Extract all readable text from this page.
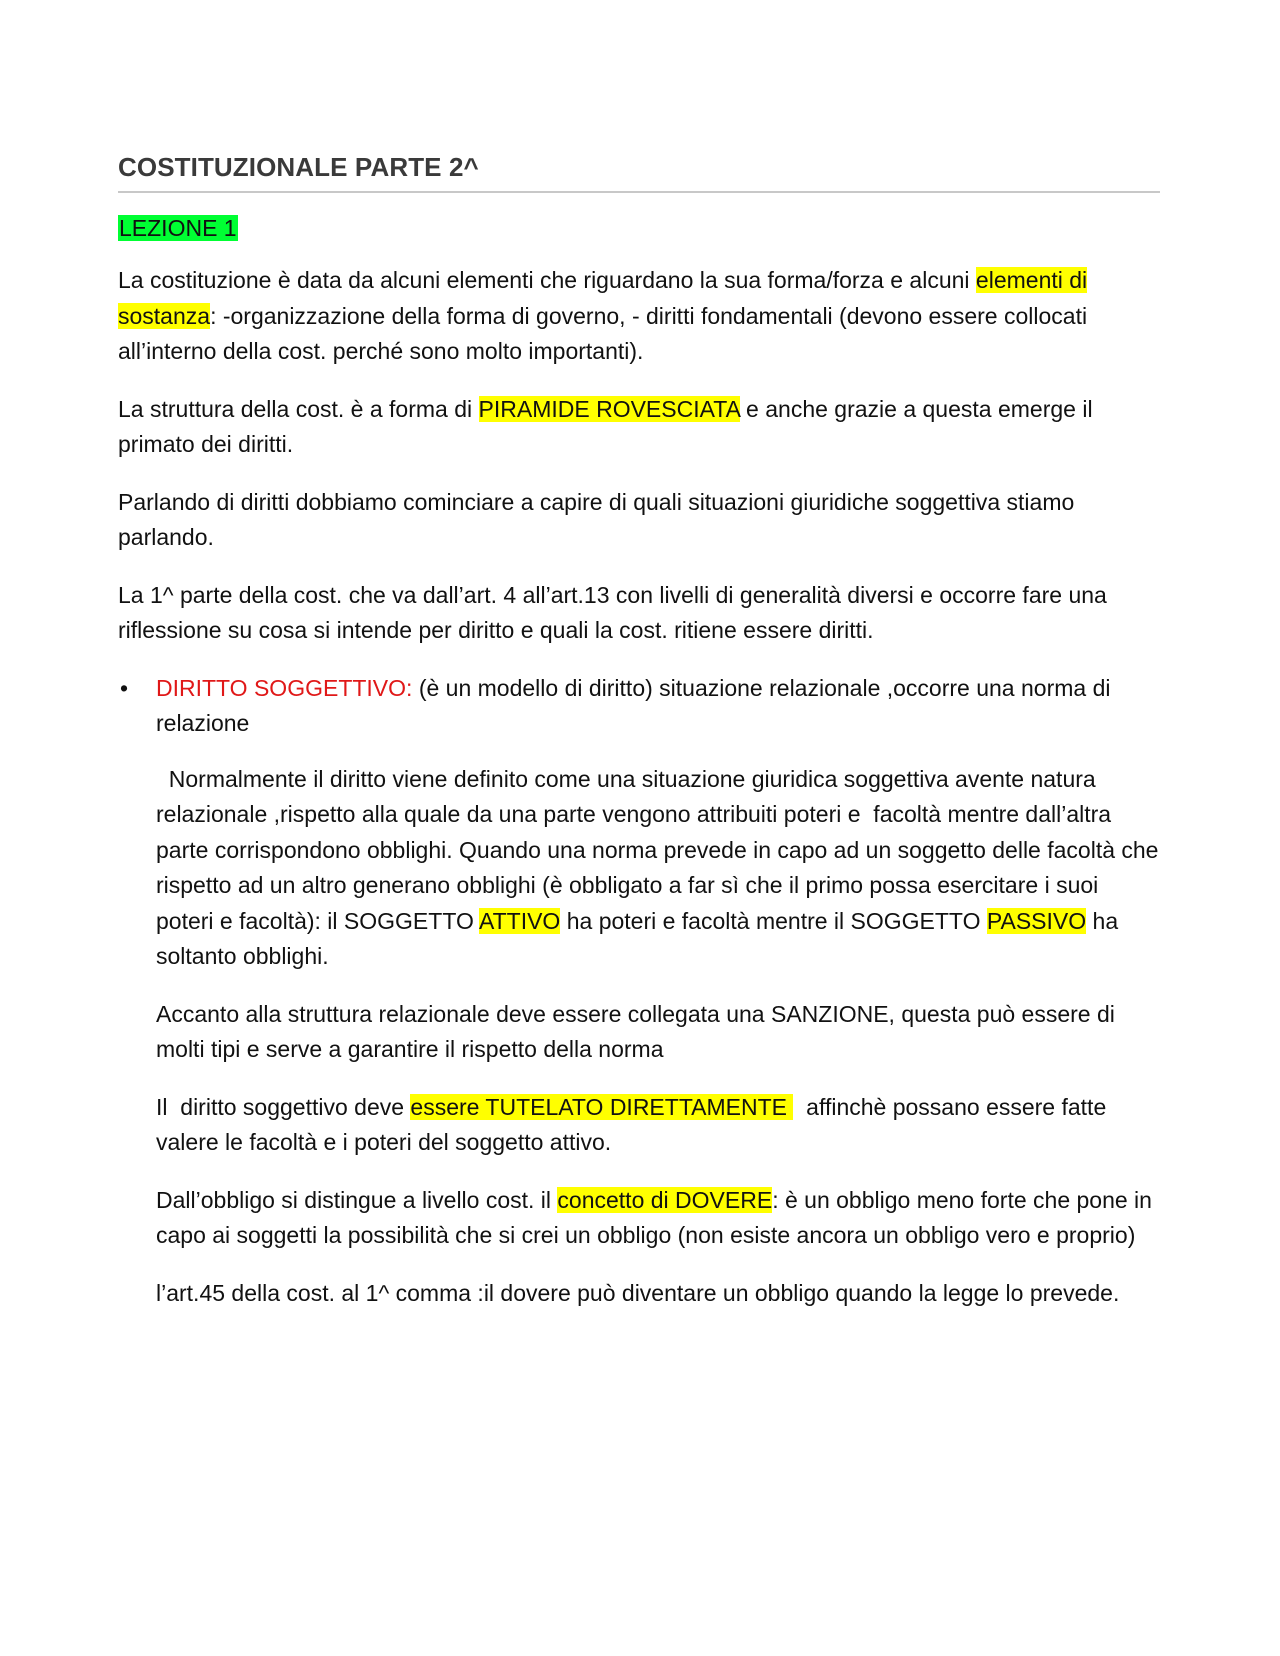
COSTITUZIONALE PARTE 2^
LEZIONE 1

La costituzione è data da alcuni elementi che riguardano la sua forma/forza e alcuni elementi di sostanza: -organizzazione della forma di governo, - diritti fondamentali (devono essere collocati all’interno della cost. perché sono molto importanti).

La struttura della cost. è a forma di PIRAMIDE ROVESCIATA e anche grazie a questa emerge il primato dei diritti.

Parlando di diritti dobbiamo cominciare a capire di quali situazioni giuridiche soggettiva stiamo parlando.

La 1^ parte della cost. che va dall’art. 4 all’art.13 con livelli di generalità diversi e occorre fare una riflessione su cosa si intende per diritto e quali la cost. ritiene essere diritti.

• DIRITTO SOGGETTIVO: (è un modello di diritto) situazione relazionale ,occorre una norma di relazione

Normalmente il diritto viene definito come una situazione giuridica soggettiva avente natura relazionale ,rispetto alla quale da una parte vengono attribuiti poteri e  facoltà mentre dall’altra parte corrispondono obblighi. Quando una norma prevede in capo ad un soggetto delle facoltà che rispetto ad un altro generano obblighi (è obbligato a far sì che il primo possa esercitare i suoi poteri e facoltà): il SOGGETTO ATTIVO ha poteri e facoltà mentre il SOGGETTO PASSIVO ha soltanto obblighi.

Accanto alla struttura relazionale deve essere collegata una SANZIONE, questa può essere di molti tipi e serve a garantire il rispetto della norma

Il  diritto soggettivo deve essere TUTELATO DIRETTAMENTE   affinchè possano essere fatte valere le facoltà e i poteri del soggetto attivo.

Dall’obbligo si distingue a livello cost. il concetto di DOVERE: è un obbligo meno forte che pone in capo ai soggetti la possibilità che si crei un obbligo (non esiste ancora un obbligo vero e proprio)

l’art.45 della cost. al 1^ comma :il dovere può diventare un obbligo quando la legge lo prevede.
